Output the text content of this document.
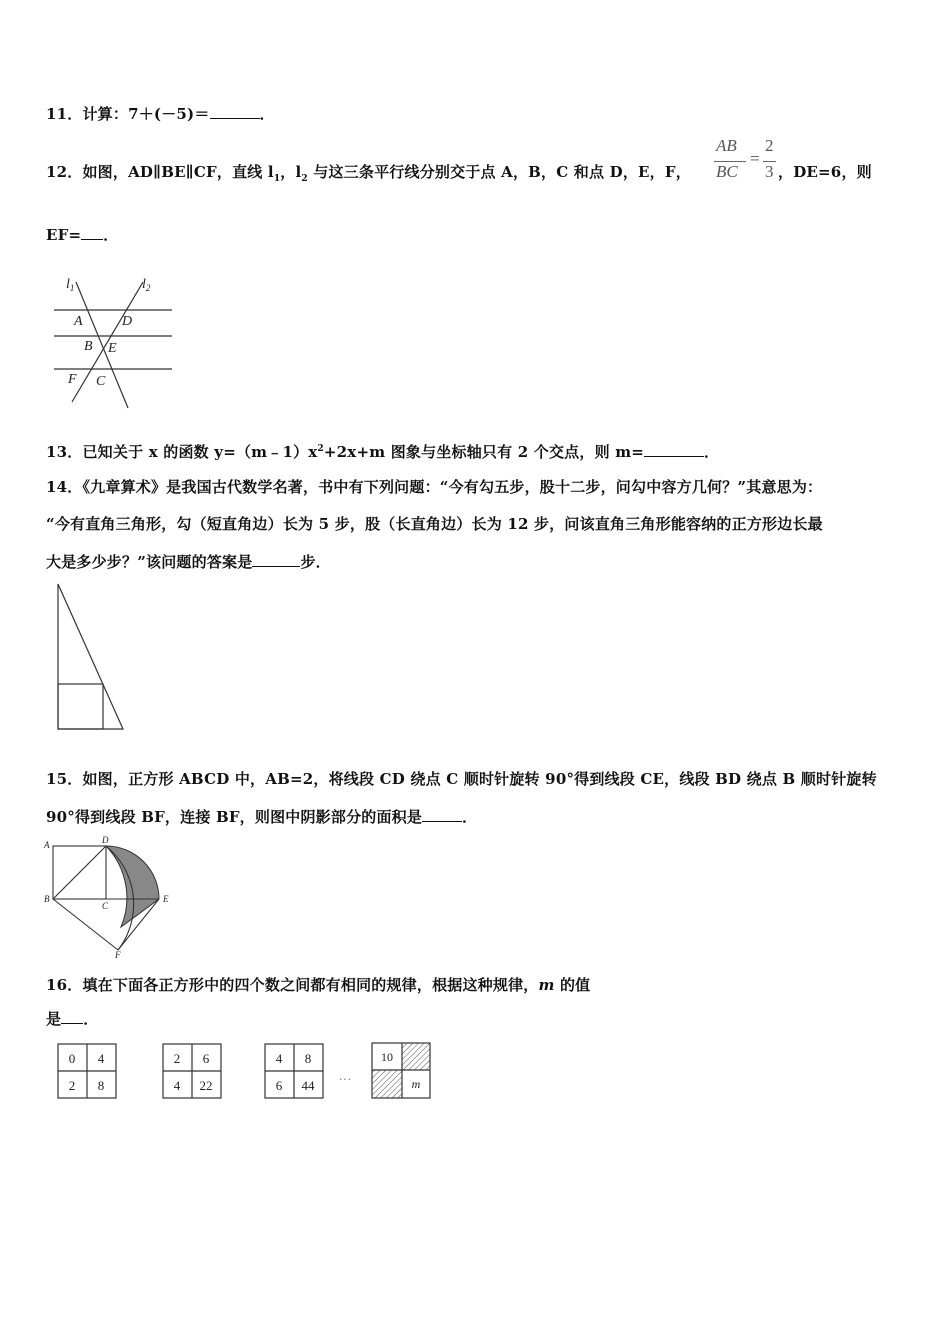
11．计算：7＋(－5)＝	．
12．如图，AD∥BE∥CF，直线 $l_1$，$l_2$ 与这三条平行线分别交于点 A，B，C 和点 D，E，F，
AB
BC
=
2
3 ，DE=6，则
EF= ．
$l_1$	$l_2$
A	D
B E
F C
13．已知关于 x 的函数 $y=(m﹣1)x^2+2x+m$ 图象与坐标轴只有 2 个交点，则 m=	．
14．《九章算术》是我国古代数学名著，书中有下列问题：“今有勾五步，股十二步，问勾中容方几何？”其意思为：
“今有直角三角形，勾（短直角边）长为 5 步，股（长直角边）长为 12 步，问该直角三角形能容纳的正方形边长最
大是多少步？”该问题的答案是	步．
15．如图，正方形 ABCD 中，AB=2，将线段 CD 绕点 C 顺时针旋转 90°得到线段 CE，线段 BD 绕点 B 顺时针旋转
90°得到线段 BF，连接 BF，则图中阴影部分的面积是	．
A	D
B
C
E
F
16．填在下面各正方形中的四个数之间都有相同的规律，根据这种规律，m 的值
是 ．
0 4
2 8
2 6
4 22
4 8
6 44
…
10
m
